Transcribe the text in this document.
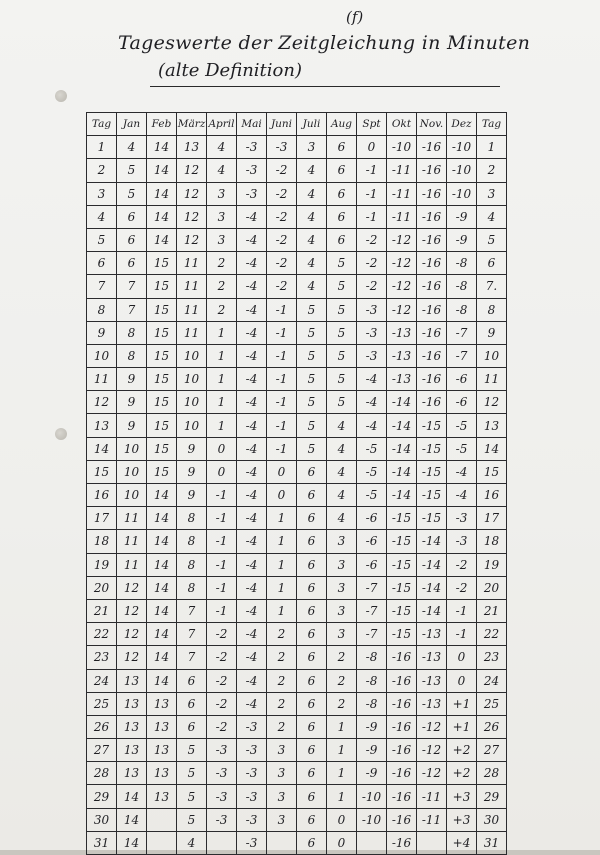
(f)
Tageswerte der Zeitgleichung in Minuten
(alte Definition)
Tag	Jan	Feb	März	April	Mai	Juni	Juli	Aug	Spt	Okt	Nov.	Dez	Tag
1	4	14	13	4	-3	-3	3	6	0	-10	-16	-10	1
2	5	14	12	4	-3	-2	4	6	-1	-11	-16	-10	2
3	5	14	12	3	-3	-2	4	6	-1	-11	-16	-10	3
4	6	14	12	3	-4	-2	4	6	-1	-11	-16	-9	4
5	6	14	12	3	-4	-2	4	6	-2	-12	-16	-9	5
6	6	15	11	2	-4	-2	4	5	-2	-12	-16	-8	6
7	7	15	11	2	-4	-2	4	5	-2	-12	-16	-8	7.
8	7	15	11	2	-4	-1	5	5	-3	-12	-16	-8	8
9	8	15	11	1	-4	-1	5	5	-3	-13	-16	-7	9
10	8	15	10	1	-4	-1	5	5	-3	-13	-16	-7	10
11	9	15	10	1	-4	-1	5	5	-4	-13	-16	-6	11
12	9	15	10	1	-4	-1	5	5	-4	-14	-16	-6	12
13	9	15	10	1	-4	-1	5	4	-4	-14	-15	-5	13
14	10	15	9	0	-4	-1	5	4	-5	-14	-15	-5	14
15	10	15	9	0	-4	0	6	4	-5	-14	-15	-4	15
16	10	14	9	-1	-4	0	6	4	-5	-14	-15	-4	16
17	11	14	8	-1	-4	1	6	4	-6	-15	-15	-3	17
18	11	14	8	-1	-4	1	6	3	-6	-15	-14	-3	18
19	11	14	8	-1	-4	1	6	3	-6	-15	-14	-2	19
20	12	14	8	-1	-4	1	6	3	-7	-15	-14	-2	20
21	12	14	7	-1	-4	1	6	3	-7	-15	-14	-1	21
22	12	14	7	-2	-4	2	6	3	-7	-15	-13	-1	22
23	12	14	7	-2	-4	2	6	2	-8	-16	-13	0	23
24	13	14	6	-2	-4	2	6	2	-8	-16	-13	0	24
25	13	13	6	-2	-4	2	6	2	-8	-16	-13	+1	25
26	13	13	6	-2	-3	2	6	1	-9	-16	-12	+1	26
27	13	13	5	-3	-3	3	6	1	-9	-16	-12	+2	27
28	13	13	5	-3	-3	3	6	1	-9	-16	-12	+2	28
29	14	13	5	-3	-3	3	6	1	-10	-16	-11	+3	29
30	14		5	-3	-3	3	6	0	-10	-16	-11	+3	30
31	14		4		-3		6	0		-16		+4	31
